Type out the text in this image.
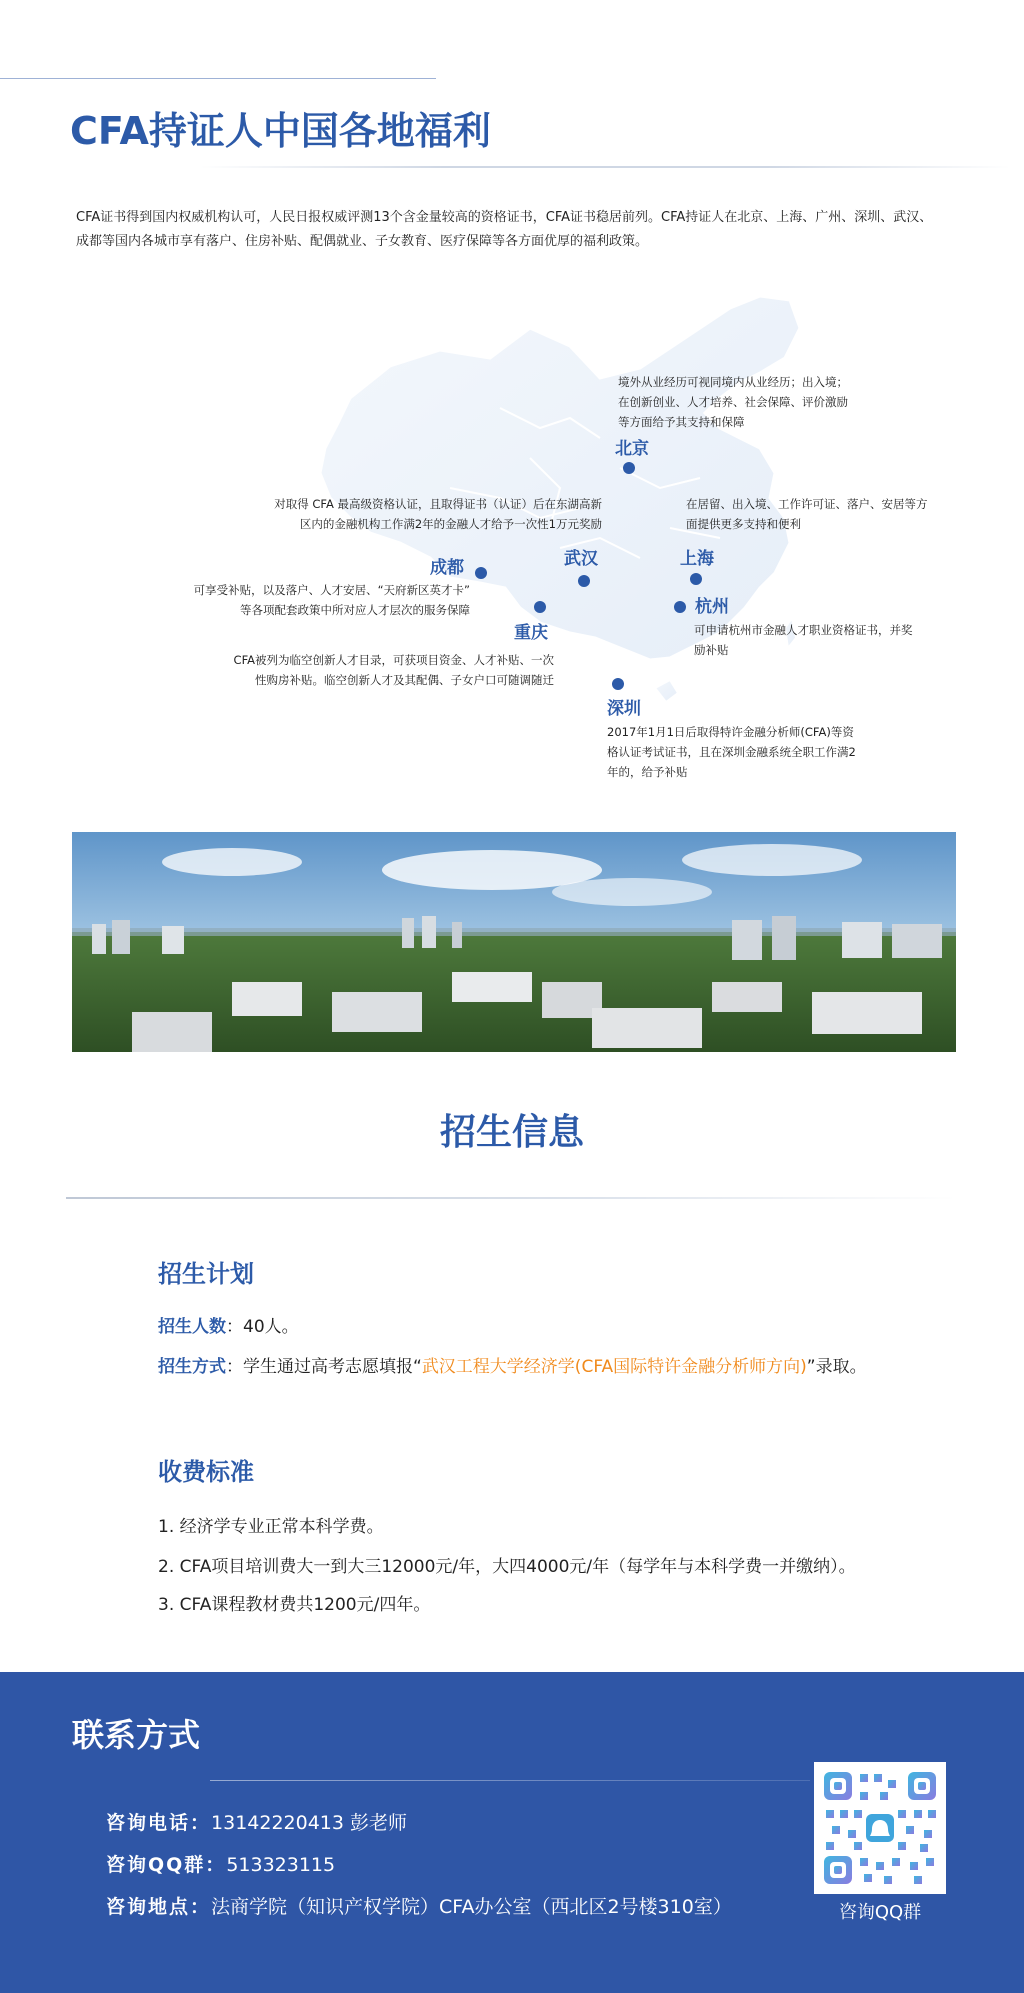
CFA持证人中国各地福利
CFA证书得到国内权威机构认可，人民日报权威评测13个含金量较高的资格证书，CFA证书稳居前列。CFA持证人在北京、上海、广州、深圳、武汉、
成都等国内各城市享有落户、住房补贴、配偶就业、子女教育、医疗保障等各方面优厚的福利政策。
境外从业经历可视同境内从业经历；出入境；
在创新创业、人才培养、社会保障、评价激励
等方面给予其支持和保障
北京
对取得 CFA 最高级资格认证，且取得证书（认证）后在东湖高新
区内的金融机构工作满2年的金融人才给予一次性1万元奖励
武汉
在居留、出入境、工作许可证、落户、安居等方
面提供更多支持和便利
上海
成都
可享受补贴，以及落户、人才安居、“天府新区英才卡”
等各项配套政策中所对应人才层次的服务保障	杭州
可申请杭州市金融人才职业资格证书，并奖
励补贴
重庆
CFA被列为临空创新人才目录，可获项目资金、人才补贴、一次
性购房补贴。临空创新人才及其配偶、子女户口可随调随迁
深圳
2017年1月1日后取得特许金融分析师(CFA)等资
格认证考试证书，且在深圳金融系统全职工作满2
年的，给予补贴
招生信息
招生计划
招生人数：40人。
招生方式：学生通过高考志愿填报“武汉工程大学经济学(CFA国际特许金融分析师方向)”录取。
收费标准
1. 经济学专业正常本科学费。
2. CFA项目培训费大一到大三12000元/年，大四4000元/年（每学年与本科学费一并缴纳）。
3. CFA课程教材费共1200元/四年。
联系方式
咨询电话：13142220413 彭老师
咨询QQ群：513323115
咨询地点：法商学院（知识产权学院）CFA办公室（西北区2号楼310室）	咨询QQ群
